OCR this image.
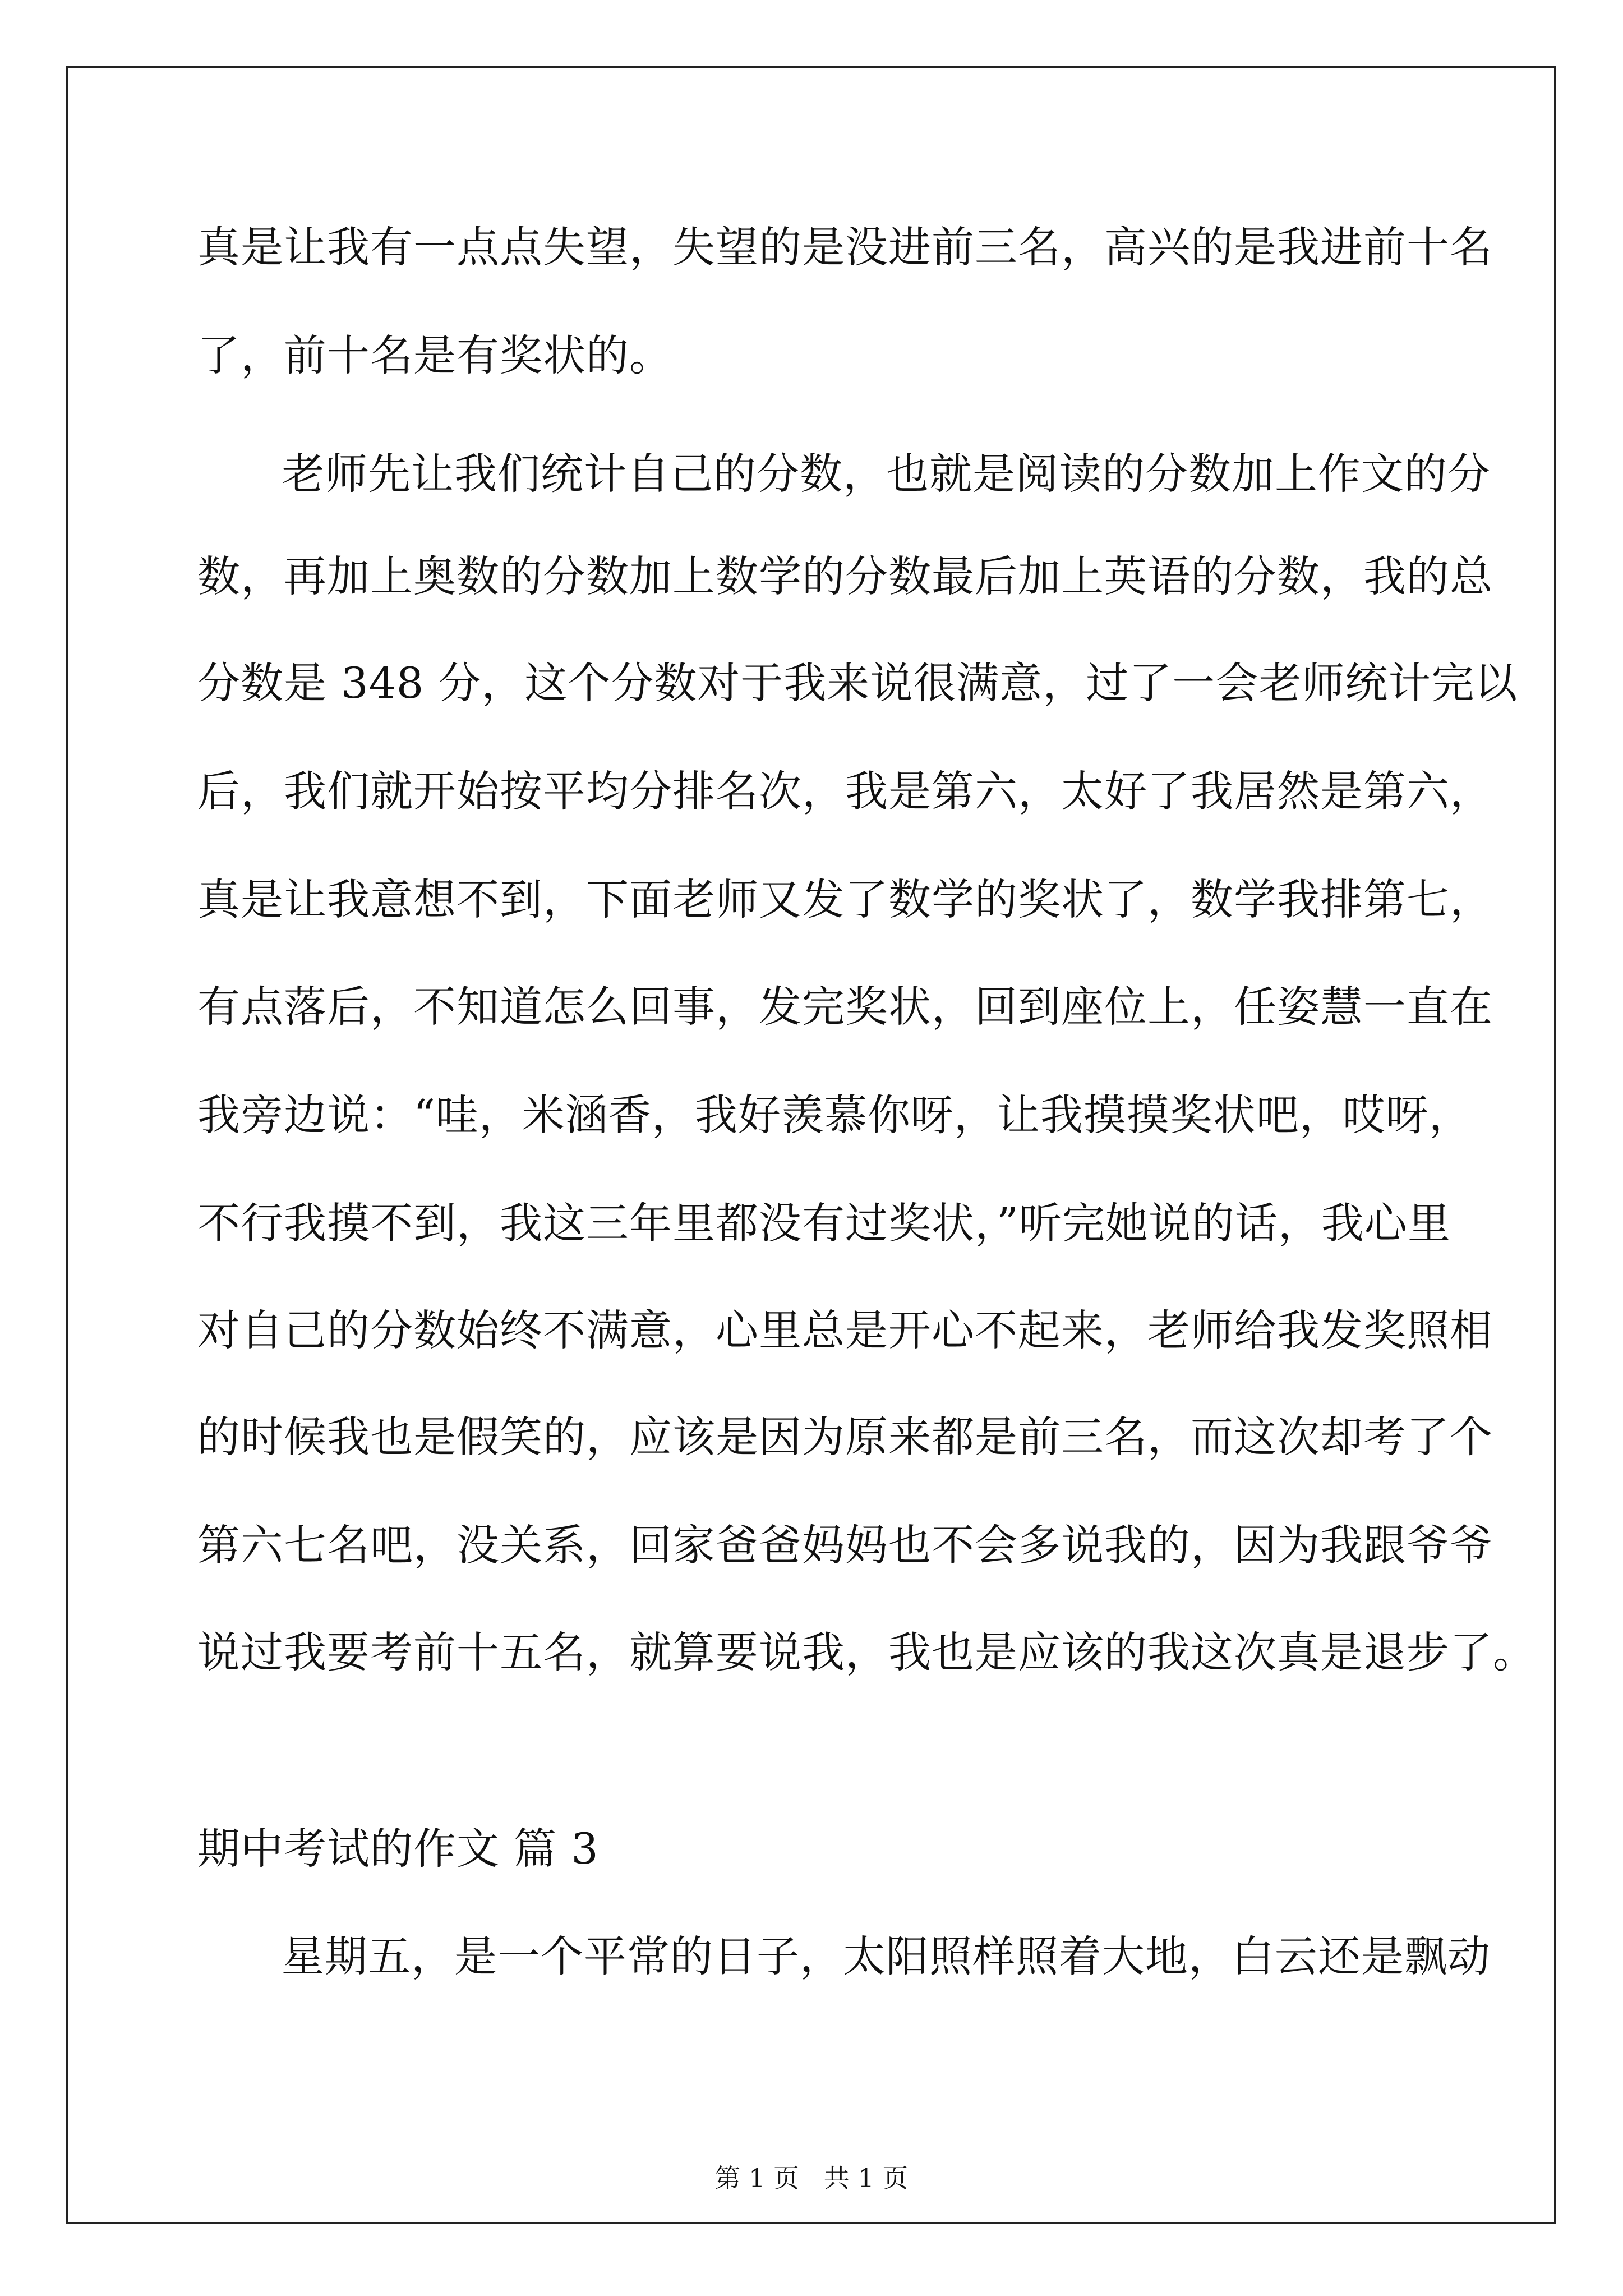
真是让我有一点点失望，失望的是没进前三名，高兴的是我进前十名
了，前十名是有奖状的。
老师先让我们统计自己的分数，也就是阅读的分数加上作文的分
数，再加上奥数的分数加上数学的分数最后加上英语的分数，我的总
分数是 348 分，这个分数对于我来说很满意，过了一会老师统计完以
后，我们就开始按平均分排名次，我是第六，太好了我居然是第六，
真是让我意想不到，下面老师又发了数学的奖状了，数学我排第七，
有点落后，不知道怎么回事，发完奖状，回到座位上，任姿慧一直在
我旁边说：“哇，米涵香，我好羡慕你呀，让我摸摸奖状吧，哎呀，
不行我摸不到，我这三年里都没有过奖状，”听完她说的话，我心里
对自己的分数始终不满意，心里总是开心不起来，老师给我发奖照相
的时候我也是假笑的，应该是因为原来都是前三名，而这次却考了个
第六七名吧，没关系，回家爸爸妈妈也不会多说我的，因为我跟爷爷
说过我要考前十五名，就算要说我，我也是应该的我这次真是退步了。
期中考试的作文 篇 3
星期五，是一个平常的日子，太阳照样照着大地，白云还是飘动
第 1 页   共 1 页
